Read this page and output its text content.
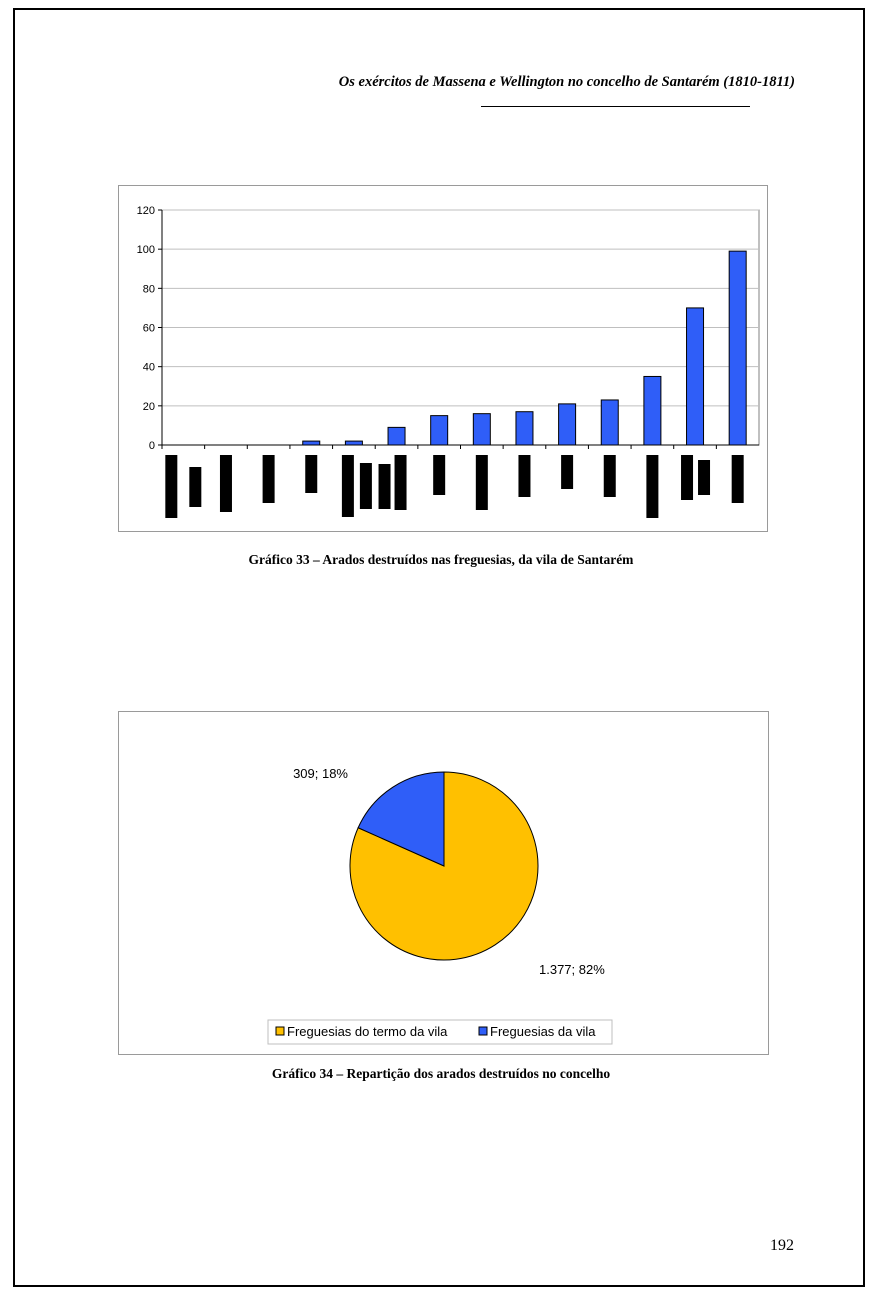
Os exércitos de Massena e Wellington no concelho de Santarém (1810-1811)
0
20
40
60
80
100
120
Gráfico 33 – Arados destruídos nas freguesias, da vila de Santarém
1.377; 82%
309; 18%
Freguesias do termo da vila	Freguesias da vila
Gráfico 34 – Repartição dos arados destruídos no concelho
192
